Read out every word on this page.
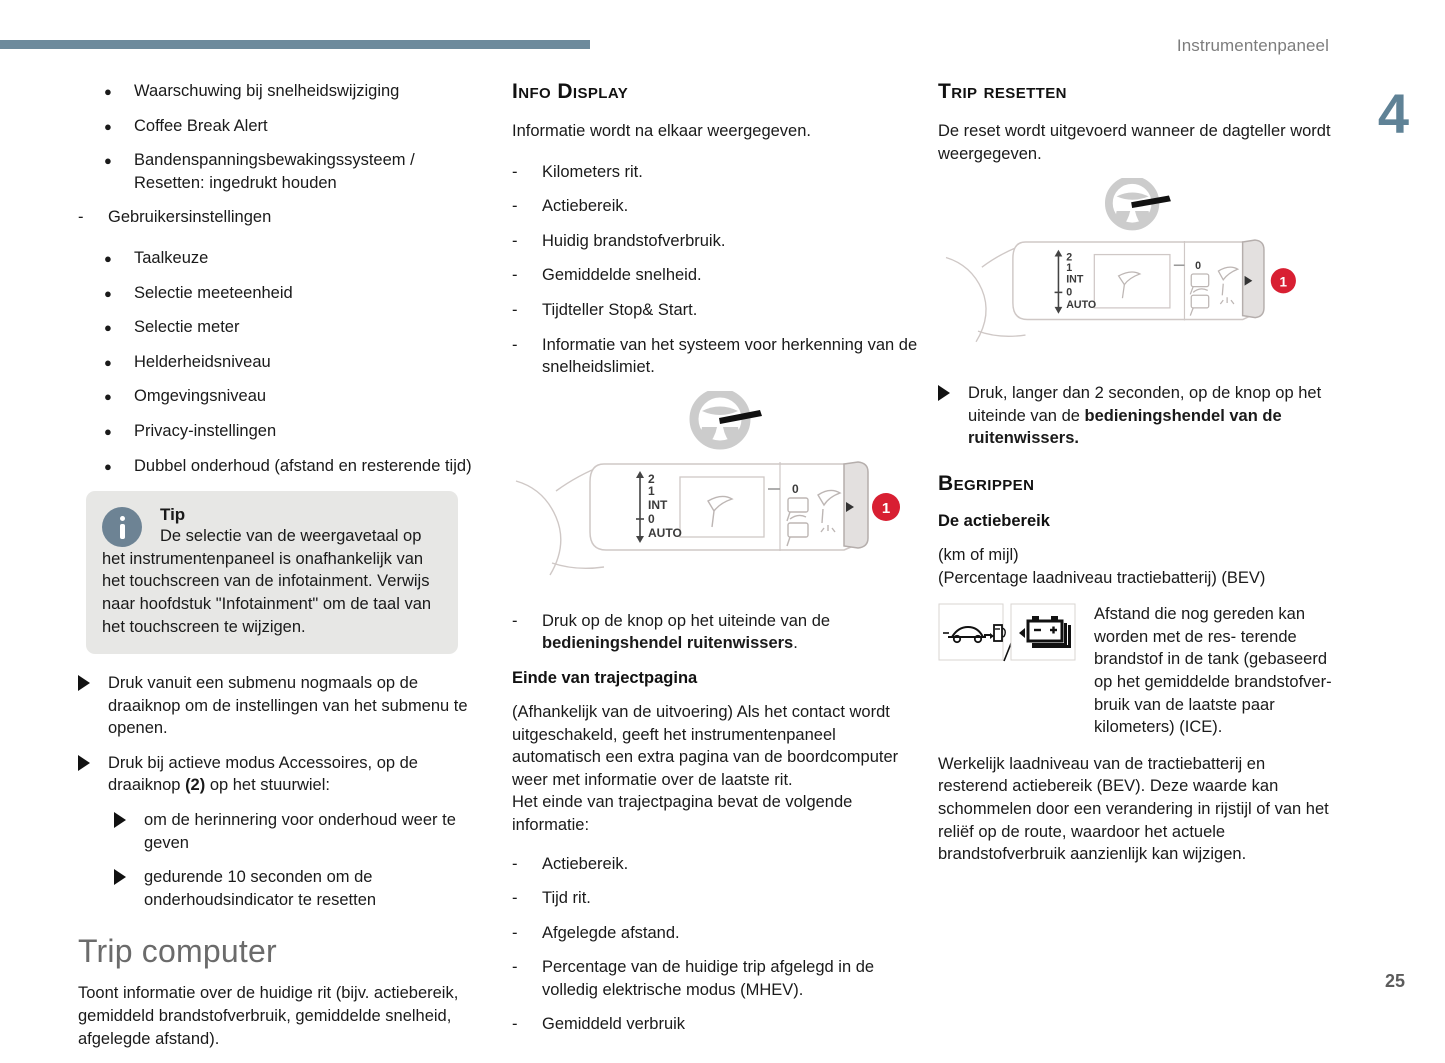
Instrumentenpaneel
4
25
●	Waarschuwing bij snelheidswijziging
●	Coffee Break Alert
●	Bandenspanningsbewakingssysteem / Resetten: ingedrukt houden
-	Gebruikersinstellingen
●	Taalkeuze
●	Selectie meeteenheid
●	Selectie meter
●	Helderheidsniveau
●	Omgevingsniveau
●	Privacy-instellingen
●	Dubbel onderhoud (afstand en resterende tijd)
Tip
De selectie van de weergavetaal op
het instrumentenpaneel is onafhankelijk van het touchscreen van de infotainment. Verwijs naar hoofdstuk "Infotainment" om de taal van het touchscreen te wijzigen.
Druk vanuit een submenu nogmaals op de draaiknop om de instellingen van het submenu te openen.
Druk bij actieve modus Accessoires, op de draaiknop (2) op het stuurwiel:
om de herinnering voor onderhoud weer te geven
gedurende 10 seconden om de onderhoudsindicator te resetten
Trip computer

Toont informatie over de huidige rit (bijv. actiebereik, gemiddeld brandstofverbruik, gemiddelde snelheid, afgelegde afstand).

Info Display

Informatie wordt na elkaar weergegeven.

-	Kilometers rit.
-	Actiebereik.
-	Huidig brandstofverbruik.
-	Gemiddelde snelheid.
-	Tijdteller Stop& Start.
-	Informatie van het systeem voor herkenning van de snelheidslimiet.
2
1
INT
0
AUTO
0
1
-	Druk op de knop op het uiteinde van de bedieningshendel ruitenwissers.
Einde van trajectpagina

(Afhankelijk van de uitvoering) Als het contact wordt uitgeschakeld, geeft het instrumentenpaneel automatisch een extra pagina van de boordcomputer weer met informatie over de laatste rit.

Het einde van trajectpagina bevat de volgende informatie:

-	Actiebereik.
-	Tijd rit.
-	Afgelegde afstand.
-	Percentage van de huidige trip afgelegd in de volledig elektrische modus (MHEV).
-	Gemiddeld verbruik
Trip resetten

De reset wordt uitgevoerd wanneer de dagteller wordt weergegeven.

2
1
INT
0
AUTO
0
1
Druk, langer dan 2 seconden, op de knop op het uiteinde van de bedieningshendel van de ruitenwissers.
Begrippen
De actiebereik

(km of mijl)

(Percentage laadniveau tractiebatterij) (BEV)

Afstand die nog gereden kan worden met de res- terende brandstof in de tank (gebaseerd op het gemiddelde brandstofver- bruik van de laatste paar kilometers) (ICE).

Werkelijk laadniveau van de tractiebatterij en resterend actiebereik (BEV). Deze waarde kan schommelen door een verandering in rijstijl of van het reliëf op de route, waardoor het actuele brandstofverbruik aanzienlijk kan wijzigen.
